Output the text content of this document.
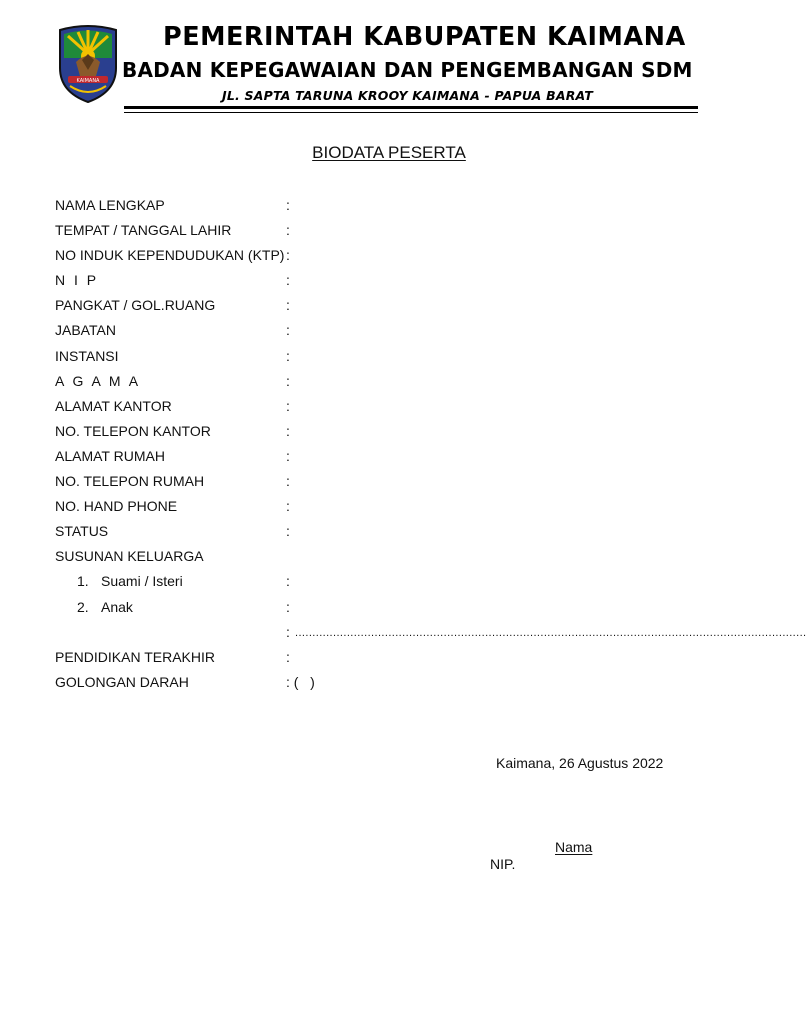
KAIMANA
PEMERINTAH KABUPATEN KAIMANA
BADAN KEPEGAWAIAN DAN PENGEMBANGAN SDM
JL. SAPTA TARUNA KROOY KAIMANA - PAPUA BARAT
BIODATA PESERTA
NAMA LENGKAP	:
TEMPAT / TANGGAL LAHIR	:
NO INDUK KEPENDUDUKAN (KTP) :
N I P	:
PANGKAT / GOL.RUANG	:
JABATAN	:
INSTANSI	:
A G A M A	:
ALAMAT KANTOR	:
NO. TELEPON KANTOR	:
ALAMAT RUMAH	:
NO. TELEPON RUMAH	:
NO. HAND PHONE	:
STATUS	:
SUSUNAN KELUARGA
1. Suami / Isteri	:
2. Anak	:
: ....................................................................................................................................................
PENDIDIKAN TERAKHIR	:
GOLONGAN DARAH	: (   )
Kaimana, 26 Agustus 2022
Nama
NIP.
